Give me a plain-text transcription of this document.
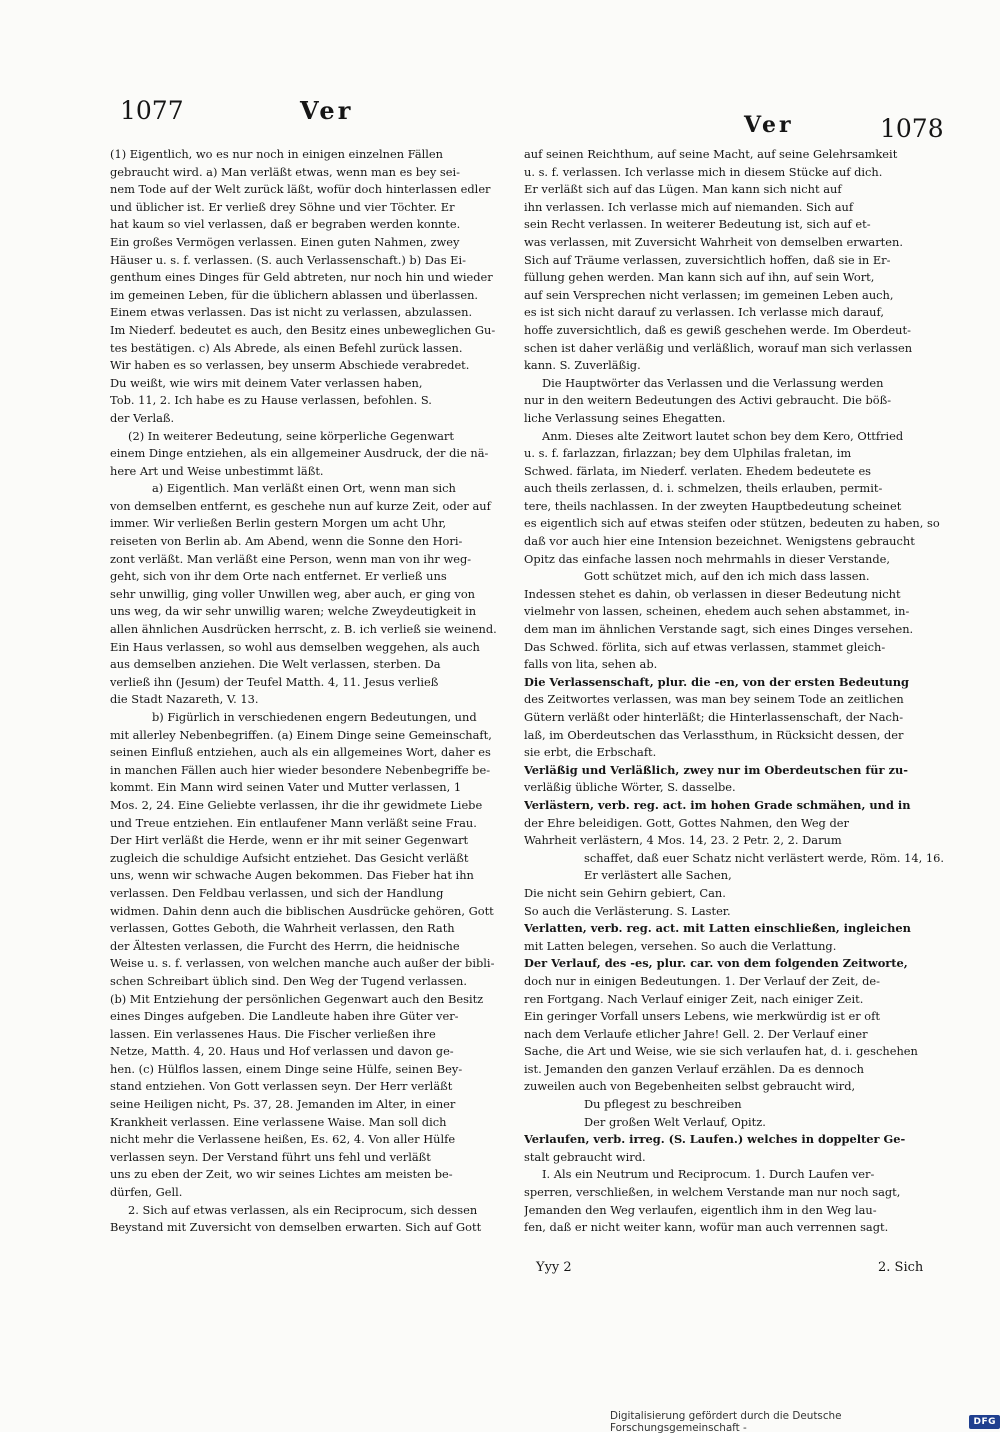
1077	Ver	Ver	1078
(1) Eigentlich, wo es nur noch in einigen einzelnen Fällen
gebraucht wird. a) Man verläßt etwas, wenn man es bey sei-
nem Tode auf der Welt zurück läßt, wofür doch hinterlassen edler
und üblicher ist. Er verließ drey Söhne und vier Töchter. Er
hat kaum so viel verlassen, daß er begraben werden konnte.
Ein großes Vermögen verlassen. Einen guten Nahmen, zwey
Häuser u. s. f. verlassen. (S. auch Verlassenschaft.) b) Das Ei-
genthum eines Dinges für Geld abtreten, nur noch hin und wieder
im gemeinen Leben, für die üblichern ablassen und überlassen.
Einem etwas verlassen. Das ist nicht zu verlassen, abzulassen.
Im Niederf. bedeutet es auch, den Besitz eines unbeweglichen Gu-
tes bestätigen. c) Als Abrede, als einen Befehl zurück lassen.
Wir haben es so verlassen, bey unserm Abschiede verabredet.
Du weißt, wie wirs mit deinem Vater verlassen haben,
Tob. 11, 2. Ich habe es zu Hause verlassen, befohlen. S.
der Verlaß.
(2) In weiterer Bedeutung, seine körperliche Gegenwart
einem Dinge entziehen, als ein allgemeiner Ausdruck, der die nä-
here Art und Weise unbestimmt läßt.
a) Eigentlich. Man verläßt einen Ort, wenn man sich
von demselben entfernt, es geschehe nun auf kurze Zeit, oder auf
immer. Wir verließen Berlin gestern Morgen um acht Uhr,
reiseten von Berlin ab. Am Abend, wenn die Sonne den Hori-
zont verläßt. Man verläßt eine Person, wenn man von ihr weg-
geht, sich von ihr dem Orte nach entfernet. Er verließ uns
sehr unwillig, ging voller Unwillen weg, aber auch, er ging von
uns weg, da wir sehr unwillig waren; welche Zweydeutigkeit in
allen ähnlichen Ausdrücken herrscht, z. B. ich verließ sie weinend.
Ein Haus verlassen, so wohl aus demselben weggehen, als auch
aus demselben anziehen. Die Welt verlassen, sterben. Da
verließ ihn (Jesum) der Teufel Matth. 4, 11. Jesus verließ
die Stadt Nazareth, V. 13.
b) Figürlich in verschiedenen engern Bedeutungen, und
mit allerley Nebenbegriffen. (a) Einem Dinge seine Gemeinschaft,
seinen Einfluß entziehen, auch als ein allgemeines Wort, daher es
in manchen Fällen auch hier wieder besondere Nebenbegriffe be-
kommt. Ein Mann wird seinen Vater und Mutter verlassen, 1
Mos. 2, 24. Eine Geliebte verlassen, ihr die ihr gewidmete Liebe
und Treue entziehen. Ein entlaufener Mann verläßt seine Frau.
Der Hirt verläßt die Herde, wenn er ihr mit seiner Gegenwart
zugleich die schuldige Aufsicht entziehet. Das Gesicht verläßt
uns, wenn wir schwache Augen bekommen. Das Fieber hat ihn
verlassen. Den Feldbau verlassen, und sich der Handlung
widmen. Dahin denn auch die biblischen Ausdrücke gehören, Gott
verlassen, Gottes Geboth, die Wahrheit verlassen, den Rath
der Ältesten verlassen, die Furcht des Herrn, die heidnische
Weise u. s. f. verlassen, von welchen manche auch außer der bibli-
schen Schreibart üblich sind. Den Weg der Tugend verlassen.
(b) Mit Entziehung der persönlichen Gegenwart auch den Besitz
eines Dinges aufgeben. Die Landleute haben ihre Güter ver-
lassen. Ein verlassenes Haus. Die Fischer verließen ihre
Netze, Matth. 4, 20. Haus und Hof verlassen und davon ge-
hen. (c) Hülflos lassen, einem Dinge seine Hülfe, seinen Bey-
stand entziehen. Von Gott verlassen seyn. Der Herr verläßt
seine Heiligen nicht, Ps. 37, 28. Jemanden im Alter, in einer
Krankheit verlassen. Eine verlassene Waise. Man soll dich
nicht mehr die Verlassene heißen, Es. 62, 4. Von aller Hülfe
verlassen seyn. Der Verstand führt uns fehl und verläßt
uns zu eben der Zeit, wo wir seines Lichtes am meisten be-
dürfen, Gell.
2. Sich auf etwas verlassen, als ein Reciprocum, sich dessen
Beystand mit Zuversicht von demselben erwarten. Sich auf Gott
auf seinen Reichthum, auf seine Macht, auf seine Gelehrsamkeit
u. s. f. verlassen. Ich verlasse mich in diesem Stücke auf dich.
Er verläßt sich auf das Lügen. Man kann sich nicht auf
ihn verlassen. Ich verlasse mich auf niemanden. Sich auf
sein Recht verlassen. In weiterer Bedeutung ist, sich auf et-
was verlassen, mit Zuversicht Wahrheit von demselben erwarten.
Sich auf Träume verlassen, zuversichtlich hoffen, daß sie in Er-
füllung gehen werden. Man kann sich auf ihn, auf sein Wort,
auf sein Versprechen nicht verlassen; im gemeinen Leben auch,
es ist sich nicht darauf zu verlassen. Ich verlasse mich darauf,
hoffe zuversichtlich, daß es gewiß geschehen werde. Im Oberdeut-
schen ist daher verläßig und verläßlich, worauf man sich verlassen
kann. S. Zuverläßig.
Die Hauptwörter das Verlassen und die Verlassung werden
nur in den weitern Bedeutungen des Activi gebraucht. Die böß-
liche Verlassung seines Ehegatten.
Anm. Dieses alte Zeitwort lautet schon bey dem Kero, Ottfried
u. s. f. farlazzan, firlazzan; bey dem Ulphilas fraletan, im
Schwed. färlata, im Niederf. verlaten. Ehedem bedeutete es
auch theils zerlassen, d. i. schmelzen, theils erlauben, permit-
tere, theils nachlassen. In der zweyten Hauptbedeutung scheinet
es eigentlich sich auf etwas steifen oder stützen, bedeuten zu haben, so
daß vor auch hier eine Intension bezeichnet. Wenigstens gebraucht
Opitz das einfache lassen noch mehrmahls in dieser Verstande,
Gott schützet mich, auf den ich mich dass lassen.
Indessen stehet es dahin, ob verlassen in dieser Bedeutung nicht
vielmehr von lassen, scheinen, ehedem auch sehen abstammet, in-
dem man im ähnlichen Verstande sagt, sich eines Dinges versehen.
Das Schwed. förlita, sich auf etwas verlassen, stammet gleich-
falls von lita, sehen ab.
Die Verlassenschaft, plur. die -en, von der ersten Bedeutung
des Zeitwortes verlassen, was man bey seinem Tode an zeitlichen
Gütern verläßt oder hinterläßt; die Hinterlassenschaft, der Nach-
laß, im Oberdeutschen das Verlassthum, in Rücksicht dessen, der
sie erbt, die Erbschaft.
Verläßig und Verläßlich, zwey nur im Oberdeutschen für zu-
verläßig übliche Wörter, S. dasselbe.
Verlästern, verb. reg. act. im hohen Grade schmähen, und in
der Ehre beleidigen. Gott, Gottes Nahmen, den Weg der
Wahrheit verlästern, 4 Mos. 14, 23. 2 Petr. 2, 2. Darum
schaffet, daß euer Schatz nicht verlästert werde, Röm. 14, 16.
Er verlästert alle Sachen,
Die nicht sein Gehirn gebiert, Can.
So auch die Verlästerung. S. Laster.
Verlatten, verb. reg. act. mit Latten einschließen, ingleichen
mit Latten belegen, versehen. So auch die Verlattung.
Der Verlauf, des -es, plur. car. von dem folgenden Zeitworte,
doch nur in einigen Bedeutungen. 1. Der Verlauf der Zeit, de-
ren Fortgang. Nach Verlauf einiger Zeit, nach einiger Zeit.
Ein geringer Vorfall unsers Lebens, wie merkwürdig ist er oft
nach dem Verlaufe etlicher Jahre! Gell. 2. Der Verlauf einer
Sache, die Art und Weise, wie sie sich verlaufen hat, d. i. geschehen
ist. Jemanden den ganzen Verlauf erzählen. Da es dennoch
zuweilen auch von Begebenheiten selbst gebraucht wird,
Du pflegest zu beschreiben
Der großen Welt Verlauf, Opitz.
Verlaufen, verb. irreg. (S. Laufen.) welches in doppelter Ge-
stalt gebraucht wird.
I. Als ein Neutrum und Reciprocum. 1. Durch Laufen ver-
sperren, verschließen, in welchem Verstande man nur noch sagt,
Jemanden den Weg verlaufen, eigentlich ihm in den Weg lau-
fen, daß er nicht weiter kann, wofür man auch verrennen sagt.
Yyy 2	2. Sich
Digitalisierung gefördert durch die Deutsche Forschungsgemeinschaft -	DFG
